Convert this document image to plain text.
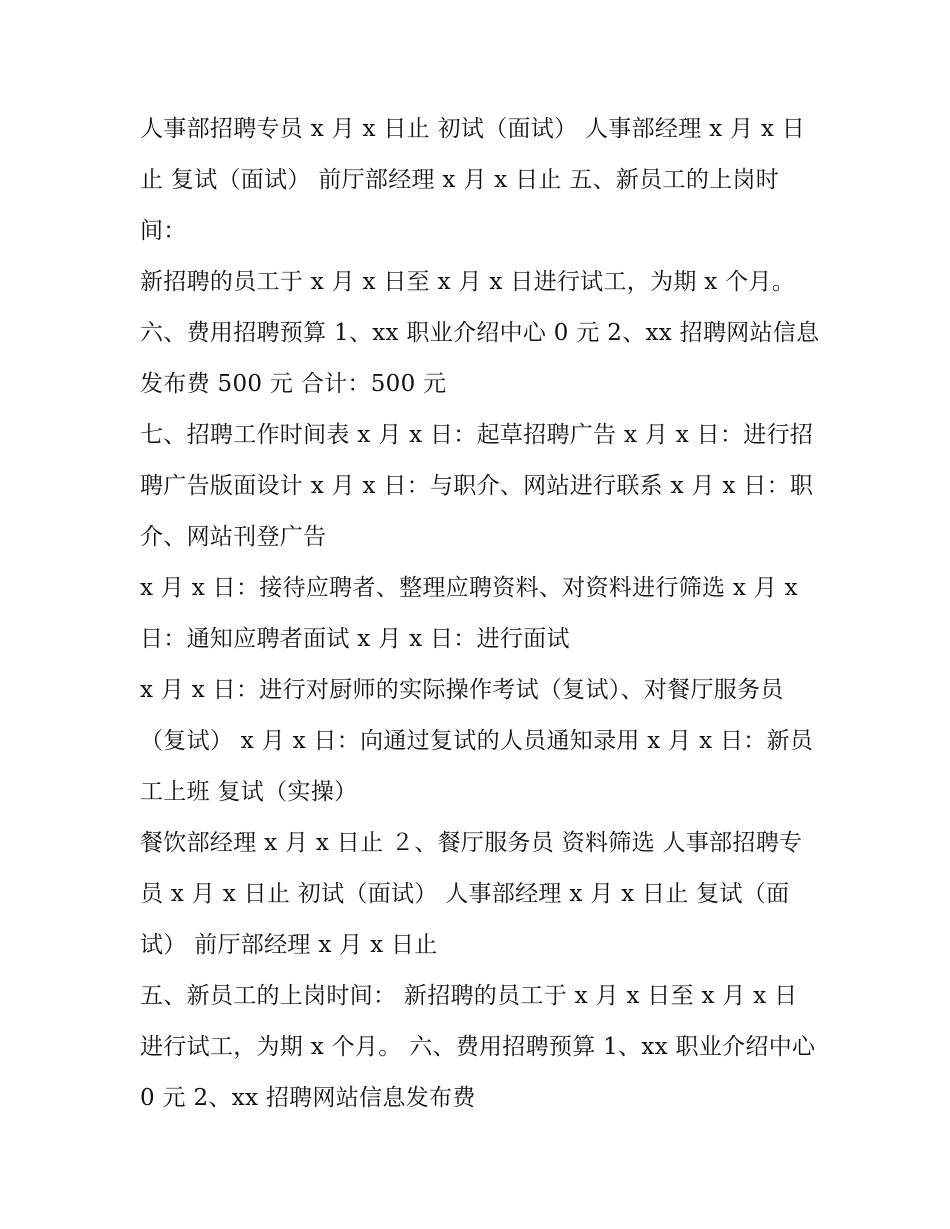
人事部招聘专员 x 月 x 日止 初试（面试） 人事部经理 x 月 x 日止 复试（面试） 前厅部经理 x 月 x 日止 五、新员工的上岗时间：

新招聘的员工于 x 月 x 日至 x 月 x 日进行试工，为期 x 个月。

六、费用招聘预算 1、xx 职业介绍中心 0 元 2、xx 招聘网站信息发布费 500 元 合计：500 元

七、招聘工作时间表 x 月 x 日：起草招聘广告 x 月 x 日：进行招聘广告版面设计 x 月 x 日：与职介、网站进行联系 x 月 x 日：职介、网站刊登广告

x 月 x 日：接待应聘者、整理应聘资料、对资料进行筛选 x 月 x 日：通知应聘者面试 x 月 x 日：进行面试

x 月 x 日：进行对厨师的实际操作考试（复试）、对餐厅服务员（复试） x 月 x 日：向通过复试的人员通知录用 x 月 x 日：新员工上班 复试（实操）

餐饮部经理 x 月 x 日止 ２、餐厅服务员 资料筛选 人事部招聘专员 x 月 x 日止 初试（面试） 人事部经理 x 月 x 日止 复试（面试） 前厅部经理 x 月 x 日止

五、新员工的上岗时间： 新招聘的员工于 x 月 x 日至 x 月 x 日进行试工，为期 x 个月。 六、费用招聘预算 1、xx 职业介绍中心 0 元 2、xx 招聘网站信息发布费
